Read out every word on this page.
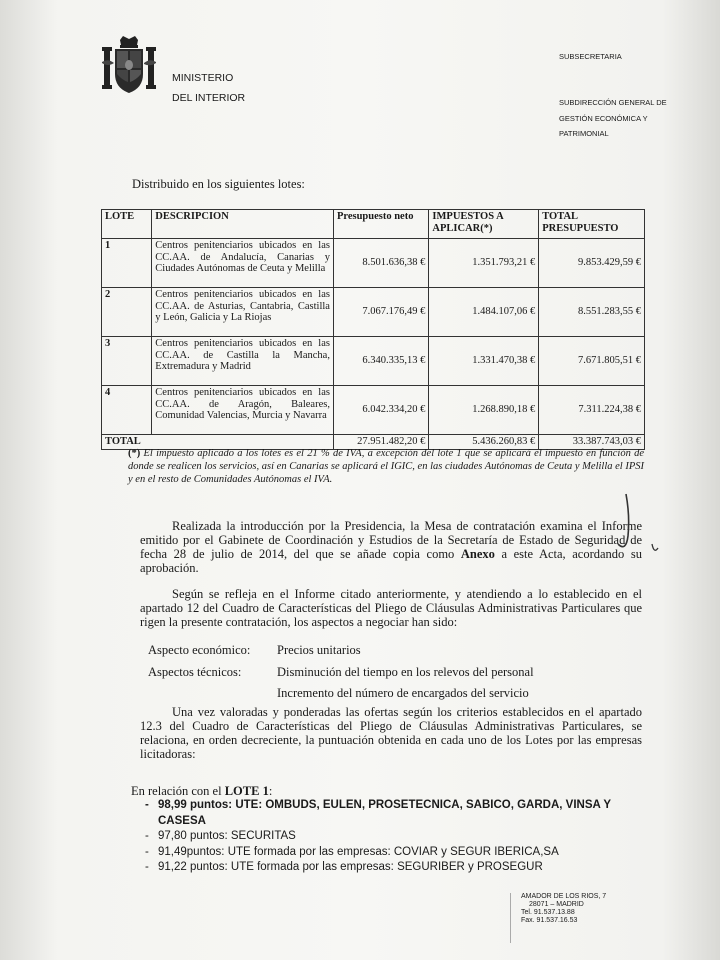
MINISTERIO
DEL INTERIOR
SUBSECRETARIA
SUBDIRECCIÓN GENERAL DE
GESTIÓN ECONÓMICA Y
PATRIMONIAL
Distribuido en los siguientes lotes:
LOTE	DESCRIPCION	Presupuesto neto	IMPUESTOS A APLICAR(*)	TOTAL PRESUPUESTO
1	Centros penitenciarios ubicados en las CC.AA. de Andalucía, Canarias y Ciudades Autónomas de Ceuta y Melilla	8.501.636,38 €	1.351.793,21 €	9.853.429,59 €
2	Centros penitenciarios ubicados en las CC.AA. de Asturias, Cantabria, Castilla y León, Galicia y La Riojas	7.067.176,49 €	1.484.107,06 €	8.551.283,55 €
3	Centros penitenciarios ubicados en las CC.AA. de Castilla la Mancha, Extremadura y Madrid	6.340.335,13 €	1.331.470,38 €	7.671.805,51 €
4	Centros penitenciarios ubicados en las CC.AA. de Aragón, Baleares, Comunidad Valencias, Murcia y Navarra	6.042.334,20 €	1.268.890,18 €	7.311.224,38 €
TOTAL		27.951.482,20 €	5.436.260,83 €	33.387.743,03 €
(*) El impuesto aplicado a los lotes es el 21 % de IVA, a excepción del lote 1 que se aplicará el impuesto en función de donde se realicen los servicios, así en Canarias se aplicará el IGIC, en las ciudades Autónomas de Ceuta y Melilla el IPSI y en el resto de Comunidades Autónomas el IVA.
Realizada la introducción por la Presidencia, la Mesa de contratación examina el Informe emitido por el Gabinete de Coordinación y Estudios de la Secretaría de Estado de Seguridad de fecha 28 de julio de 2014, del que se añade copia como Anexo a este Acta, acordando su aprobación.
Según se refleja en el Informe citado anteriormente, y atendiendo a lo establecido en el apartado 12 del Cuadro de Características del Pliego de Cláusulas Administrativas Particulares que rigen la presente contratación, los aspectos a negociar han sido:
Aspecto económico: Precios unitarios
Aspectos técnicos:	Disminución del tiempo en los relevos del personal
Incremento del número de encargados del servicio
Una vez valoradas y ponderadas las ofertas según los criterios establecidos en el apartado 12.3 del Cuadro de Características del Pliego de Cláusulas Administrativas Particulares, se relaciona, en orden decreciente, la puntuación obtenida en cada uno de los Lotes por las empresas licitadoras:
En relación con el LOTE 1:
- 98,99 puntos: UTE: OMBUDS, EULEN, PROSETECNICA, SABICO, GARDA, VINSA Y CASESA
- 97,80 puntos: SECURITAS
- 91,49puntos: UTE formada por las empresas: COVIAR y SEGUR IBERICA,SA
- 91,22 puntos: UTE formada por las empresas: SEGURIBER y PROSEGUR
AMADOR DE LOS RIOS, 7
28071 – MADRID
Tel. 91.537.13.88
Fax. 91.537.16.53
